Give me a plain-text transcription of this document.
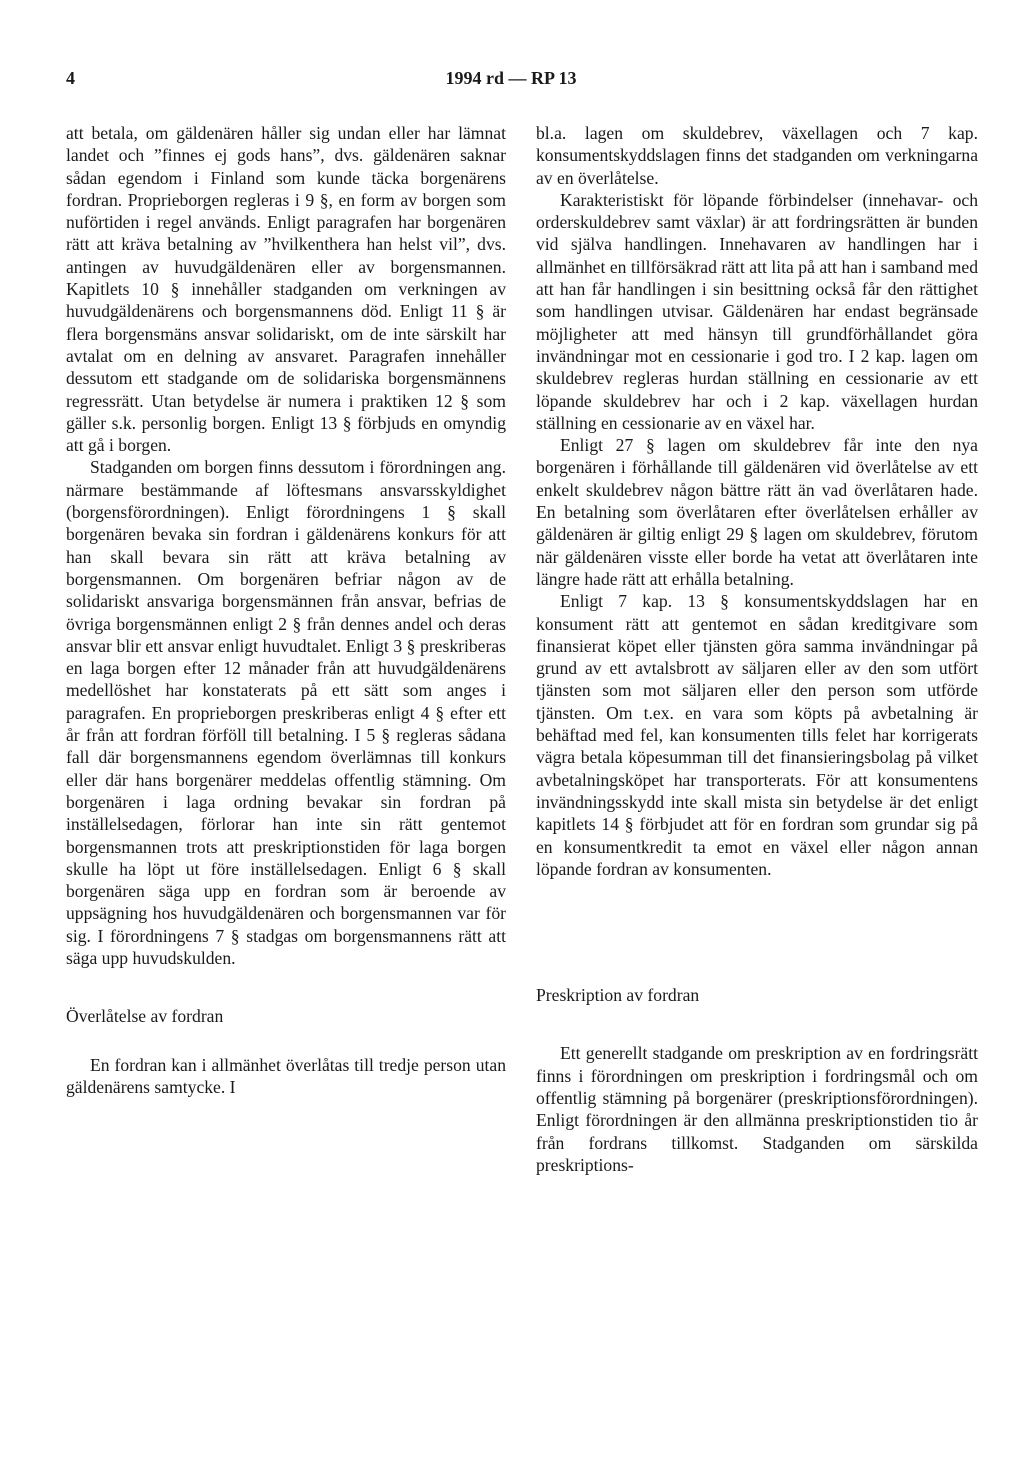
4	1994 rd — RP 13

att betala, om gäldenären håller sig undan eller har lämnat landet och ”finnes ej gods hans”, dvs. gäldenären saknar sådan egendom i Finland som kunde täcka borgenärens fordran. Proprieborgen regleras i 9 §, en form av borgen som nuförtiden i regel används. Enligt paragrafen har borgenären rätt att kräva betalning av ”hvilkenthera han helst vil”, dvs. antingen av huvudgäldenären eller av borgensmannen. Kapitlets 10 § innehåller stadganden om verkningen av huvudgäldenärens och borgensmannens död. Enligt 11 § är flera borgensmäns ansvar solidariskt, om de inte särskilt har avtalat om en delning av ansvaret. Paragrafen innehåller dessutom ett stadgande om de solidariska borgensmännens regressrätt. Utan betydelse är numera i praktiken 12 § som gäller s.k. personlig borgen. Enligt 13 § förbjuds en omyndig att gå i borgen.

Stadganden om borgen finns dessutom i förordningen ang. närmare bestämmande af löftesmans ansvarsskyldighet (borgensförordningen). Enligt förordningens 1 § skall borgenären bevaka sin fordran i gäldenärens konkurs för att han skall bevara sin rätt att kräva betalning av borgensmannen. Om borgenären befriar någon av de solidariskt ansvariga borgensmännen från ansvar, befrias de övriga borgensmännen enligt 2 § från dennes andel och deras ansvar blir ett ansvar enligt huvudtalet. Enligt 3 § preskriberas en laga borgen efter 12 månader från att huvudgäldenärens medellöshet har konstaterats på ett sätt som anges i paragrafen. En proprieborgen preskriberas enligt 4 § efter ett år från att fordran förföll till betalning. I 5 § regleras sådana fall där borgensmannens egendom överlämnas till konkurs eller där hans borgenärer meddelas offentlig stämning. Om borgenären i laga ordning bevakar sin fordran på inställelsedagen, förlorar han inte sin rätt gentemot borgensmannen trots att preskriptionstiden för laga borgen skulle ha löpt ut före inställelsedagen. Enligt 6 § skall borgenären säga upp en fordran som är beroende av uppsägning hos huvudgäldenären och borgensmannen var för sig. I förordningens 7 § stadgas om borgensmannens rätt att säga upp huvudskulden.

Överlåtelse av fordran

En fordran kan i allmänhet överlåtas till tredje person utan gäldenärens samtycke. I

bl.a. lagen om skuldebrev, växellagen och 7 kap. konsumentskyddslagen finns det stadganden om verkningarna av en överlåtelse.

Karakteristiskt för löpande förbindelser (innehavar- och orderskuldebrev samt växlar) är att fordringsrätten är bunden vid själva handlingen. Innehavaren av handlingen har i allmänhet en tillförsäkrad rätt att lita på att han i samband med att han får handlingen i sin besittning också får den rättighet som handlingen utvisar. Gäldenären har endast begränsade möjligheter att med hänsyn till grundförhållandet göra invändningar mot en cessionarie i god tro. I 2 kap. lagen om skuldebrev regleras hurdan ställning en cessionarie av ett löpande skuldebrev har och i 2 kap. växellagen hurdan ställning en cessionarie av en växel har.

Enligt 27 § lagen om skuldebrev får inte den nya borgenären i förhållande till gäldenären vid överlåtelse av ett enkelt skuldebrev någon bättre rätt än vad överlåtaren hade. En betalning som överlåtaren efter överlåtelsen erhåller av gäldenären är giltig enligt 29 § lagen om skuldebrev, förutom när gäldenären visste eller borde ha vetat att överlåtaren inte längre hade rätt att erhålla betalning.

Enligt 7 kap. 13 § konsumentskyddslagen har en konsument rätt att gentemot en sådan kreditgivare som finansierat köpet eller tjänsten göra samma invändningar på grund av ett avtalsbrott av säljaren eller av den som utfört tjänsten som mot säljaren eller den person som utförde tjänsten. Om t.ex. en vara som köpts på avbetalning är behäftad med fel, kan konsumenten tills felet har korrigerats vägra betala köpesumman till det finansieringsbolag på vilket avbetalningsköpet har transporterats. För att konsumentens invändningsskydd inte skall mista sin betydelse är det enligt kapitlets 14 § förbjudet att för en fordran som grundar sig på en konsumentkredit ta emot en växel eller någon annan löpande fordran av konsumenten.

Preskription av fordran

Ett generellt stadgande om preskription av en fordringsrätt finns i förordningen om preskription i fordringsmål och om offentlig stämning på borgenärer (preskriptionsförordningen). Enligt förordningen är den allmänna preskriptionstiden tio år från fordrans tillkomst. Stadganden om särskilda preskriptions-
